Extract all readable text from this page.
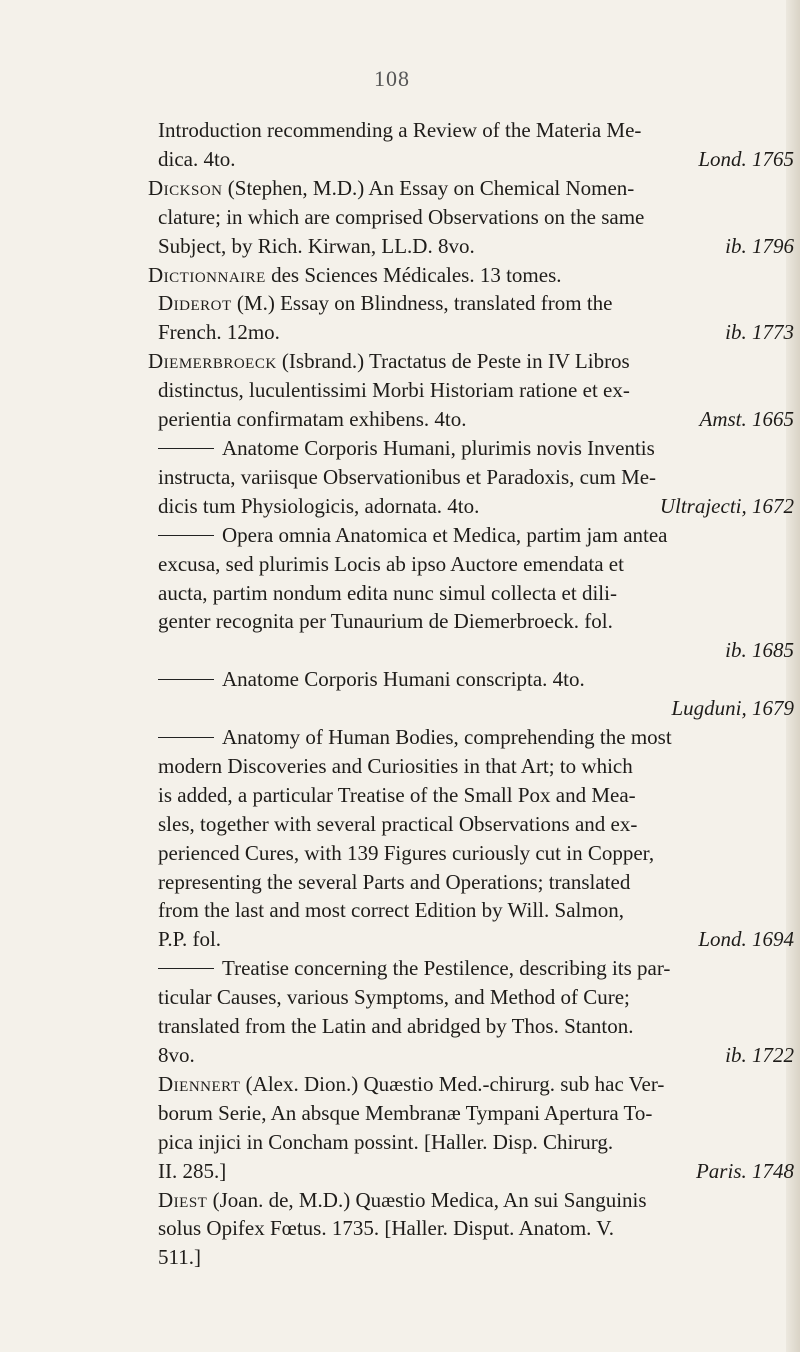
108

Introduction recommending a Review of the Materia Me-
dica. 4to.	Lond. 1765

Dickson (Stephen, M.D.) An Essay on Chemical Nomen-
clature; in which are comprised Observations on the same
Subject, by Rich. Kirwan, LL.D. 8vo.	ib. 1796

Dictionnaire des Sciences Médicales. 13 tomes.

Diderot (M.) Essay on Blindness, translated from the
French. 12mo.	ib. 1773

Diemerbroeck (Isbrand.) Tractatus de Peste in IV Libros
distinctus, luculentissimi Morbi Historiam ratione et ex-
perientia confirmatam exhibens. 4to.	Amst. 1665

Anatome Corporis Humani, plurimis novis Inventis
instructa, variisque Observationibus et Paradoxis, cum Me-
dicis tum Physiologicis, adornata. 4to.	Ultrajecti, 1672

Opera omnia Anatomica et Medica, partim jam antea
excusa, sed plurimis Locis ab ipso Auctore emendata et
aucta, partim nondum edita nunc simul collecta et dili-
genter recognita per Tunaurium de Diemerbroeck. fol.
ib. 1685

Anatome Corporis Humani conscripta. 4to.
Lugduni, 1679

Anatomy of Human Bodies, comprehending the most
modern Discoveries and Curiosities in that Art; to which
is added, a particular Treatise of the Small Pox and Mea-
sles, together with several practical Observations and ex-
perienced Cures, with 139 Figures curiously cut in Copper,
representing the several Parts and Operations; translated
from the last and most correct Edition by Will. Salmon,
P.P. fol.	Lond. 1694

Treatise concerning the Pestilence, describing its par-
ticular Causes, various Symptoms, and Method of Cure;
translated from the Latin and abridged by Thos. Stanton.
8vo.	ib. 1722

Diennert (Alex. Dion.) Quæstio Med.-chirurg. sub hac Ver-
borum Serie, An absque Membranæ Tympani Apertura To-
pica injici in Concham possint. [Haller. Disp. Chirurg.
II. 285.]	Paris. 1748

Diest (Joan. de, M.D.) Quæstio Medica, An sui Sanguinis
solus Opifex Fœtus. 1735. [Haller. Disput. Anatom. V.
511.]
